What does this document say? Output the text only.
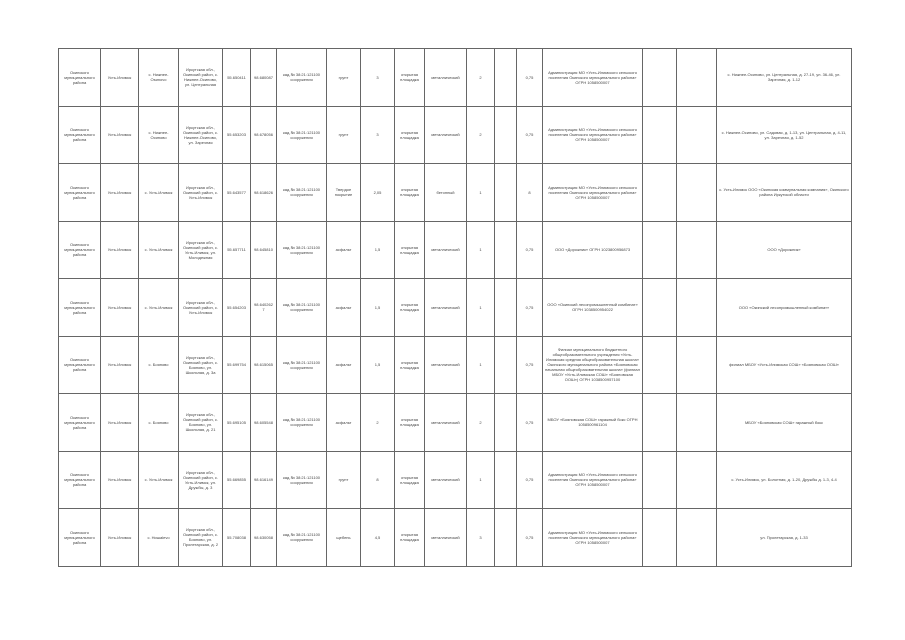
Окинского муниципального района	Усть-Илимск	с. Нижнее-Оsиnovo	Иркутская обл., Окинский район, с. Нижнее-Осиново, ул. Центральная	55.650411	98.680087	кад.№ 38:21:121100 сооружения	грунт	3	открытая площадка	металлический	2		0,75	Администрация МО «Усть-Илимского сельского поселения Окинского муниципального района» ОГРН 1058500007			с. Нижнее-Осиново, ул. Центральная, д. 27-19, ул. 36-46, ул. Заречная, д. 1-12
Окинского муниципального района	Усть-Илимск	с. Нижнее-Осиново	Иркутская обл., Окинский район, с. Нижнее-Осиново, ул. Заречная	55.653203	98.678056	кад.№ 38:21:121100 сооружения	грунт	3	открытая площадка	металлический	2		0,75	Администрация МО «Усть-Илимского сельского поселения Окинского муниципального района» ОГРН 1058500007			с. Нижнее-Осиново, ул. Садовая, д. 1-13, ул. Центральная, д. 4-11, ул. Заречная, д. 1-52
Окинского муниципального района	Усть-Илимск	с. Усть-Илимск	Иркутская обл., Окинский район, с. Усть-Илимск	55.643577	98.618626	кад.№ 38:21:121100 сооружения	Твердое покрытие	2,05	открытая площадка	бетонный	1		8	Администрация МО «Усть-Илимского сельского поселения Окинского муниципального района» ОГРН 1058500007			с. Усть-Илимск ООО «Окинская коммунальная компания», Окинского района Иркутской области
Окинского муниципального района	Усть-Илимск	с. Усть-Илимск	Иркутская обл., Окинский район, с. Усть-Илимск, ул. Молодежная	55.657711	98.645810	кад.№ 38:21:121100 сооружения	асфальт	1,5	открытая площадка	металлический	1		0,75	ООО «Дорожник» ОГРН 1023800956873			ООО «Дорожник»
Окинского муниципального района	Усть-Илимск	с. Усть-Илимск	Иркутская обл., Окинский район, с. Усть-Илимск	55.654203	98.6402627	кад.№ 38:21:121100 сооружения	асфальт	1,5	открытая площадка	металлический	1		0,75	ООО «Окинский лесопромышленный комбинат» ОГРН 1038500954022			ООО «Окинский лесопромышленный комбинат»
Окинского муниципального района	Усть-Илимск	с. Бояново	Иркутская обл., Окинский район, с. Бояново, ул. Школьная, д. 3а	55.699754	98.615065	кад.№ 38:21:121100 сооружения	асфальт	1,5	открытая площадка	металлический	1		0,75	Филиал муниципального бюджетного общеобразовательного учреждения «Усть-Илимская средняя общеобразовательная школа» Окинского муниципального района «Бояновская начальная общеобразовательная школа» (филиал МБОУ «Усть-Илимская СОШ» «Бояновская ООШ») ОГРН 1038500957100			филиал МБОУ «Усть-Илимская СОШ» «Бояновская ООШ»
Окинского муниципального района	Усть-Илимск	с. Бояново	Иркутская обл., Окинский район, с. Бояново, ул. Школьная, д. 21	55.695105	98.605548	кад.№ 38:21:121100 сооружения	асфальт	2	открытая площадка	металлический	2		0,75	МБОУ «Бояновская СОШ» гаражный бокс ОГРН 1058500961104			МБОУ «Бояновская СОШ» гаражный бокс
Окинского муниципального района	Усть-Илимск	с. Усть-Илимск	Иркутская обл., Окинский район, с. Усть-Илимск, ул. Дружбы, д. 3	55.669855	98.616149	кад.№ 38:21:121100 сооружения	грунт	8	открытая площадка	металлический	1		0,75	Администрация МО «Усть-Илимского сельского поселения Окинского муниципального района» ОГРН 1058500007			с. Усть-Илимск, ул. Болотная, д. 1-20, Дружбы д. 1-3, 4-4
Окинского муниципального района	Усть-Илимск	с. Нишаlevo	Иркутская обл., Окинский район, с. Бояново, ул. Пролетарская, д. 2	55.708038	98.630058	кад.№ 38:21:121100 сооружения	щебень	4,5	открытая площадка	металлический	3		0,75	Администрация МО «Усть-Илимского сельского поселения Окинского муниципального района» ОГРН 1058500007			ул. Пролетарская, д. 1-33
